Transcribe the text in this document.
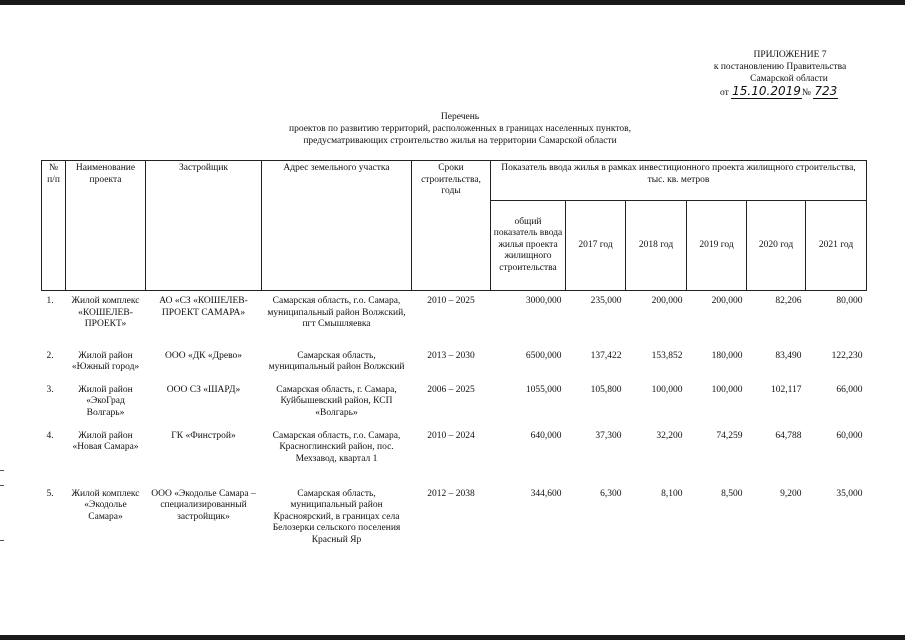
ПРИЛОЖЕНИЕ 7
к постановлению Правительства
Самарской области
от 15.10.2019№ 723
Перечень
проектов по развитию территорий, расположенных в границах населенных пунктов,
предусматривающих строительство жилья на территории Самарской области
№ п/п	Наименование проекта	Застройщик	Адрес земельного участка	Сроки строительства, годы	Показатель ввода жилья в рамках инвестиционного проекта жилищного строительства, тыс. кв. метров					
					общий показатель ввода жилья проекта жилищного строительства	2017 год	2018 год	2019 год	2020 год	2021 год
1.	Жилой комплекс «КОШЕЛЕВ-ПРОЕКТ»	АО «СЗ «КОШЕЛЕВ-ПРОЕКТ САМАРА»	Самарская область, г.о. Самара, муниципальный район Волжский, пгт Смышляевка	2010 – 2025	3000,000	235,000	200,000	200,000	82,206	80,000
2.	Жилой район «Южный город»	ООО «ДК «Древо»	Самарская область, муниципальный район Волжский	2013 – 2030	6500,000	137,422	153,852	180,000	83,490	122,230
3.	Жилой район «ЭкоГрад Волгарь»	ООО СЗ «ШАРД»	Самарская область, г. Самара, Куйбышевский район, КСП «Волгарь»	2006 – 2025	1055,000	105,800	100,000	100,000	102,117	66,000
4.	Жилой район «Новая Самара»	ГК «Финстрой»	Самарская область, г.о. Самара, Красноглинский район, пос. Мехзавод, квартал 1	2010 – 2024	640,000	37,300	32,200	74,259	64,788	60,000
5.	Жилой комплекс «Экодолье Самара»	ООО «Экодолье Самара – специализированный застройщик»	Самарская область, муниципальный район Красноярский, в границах села Белозерки сельского поселения Красный Яр	2012 – 2038	344,600	6,300	8,100	8,500	9,200	35,000
